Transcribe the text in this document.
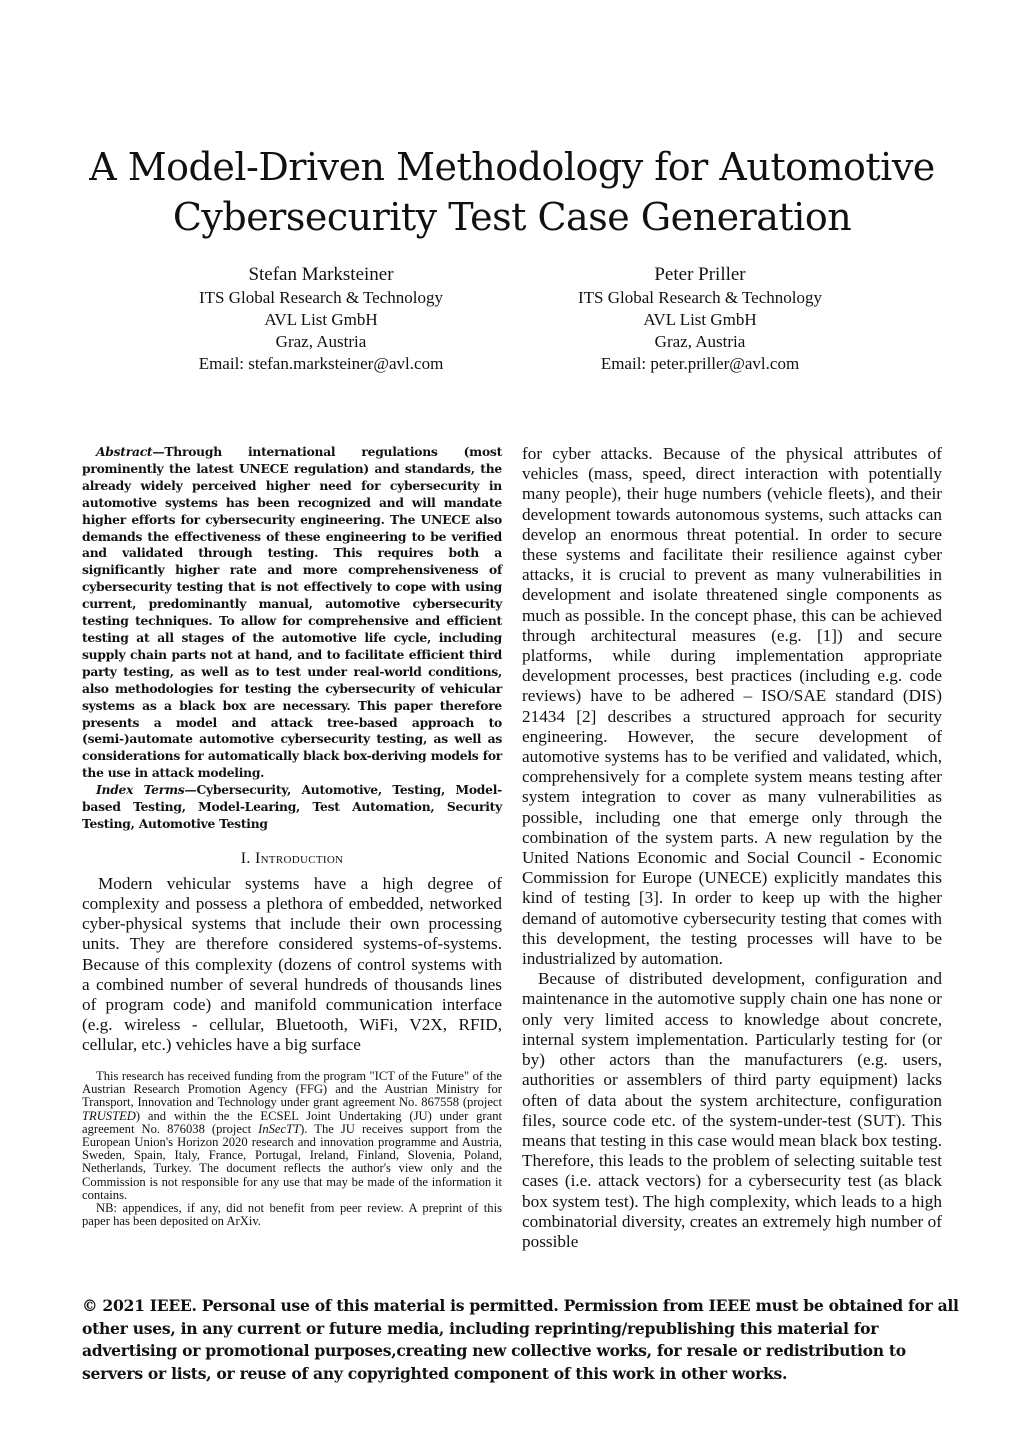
A Model-Driven Methodology for Automotive Cybersecurity Test Case Generation
Stefan Marksteiner
ITS Global Research & Technology
AVL List GmbH
Graz, Austria
Email: stefan.marksteiner@avl.com
Peter Priller
ITS Global Research & Technology
AVL List GmbH
Graz, Austria
Email: peter.priller@avl.com

Abstract—Through international regulations (most prominently the latest UNECE regulation) and standards, the already widely perceived higher need for cybersecurity in automotive systems has been recognized and will mandate higher efforts for cybersecurity engineering. The UNECE also demands the effectiveness of these engineering to be verified and validated through testing. This requires both a significantly higher rate and more comprehensiveness of cybersecurity testing that is not effectively to cope with using current, predominantly manual, automotive cybersecurity testing techniques. To allow for comprehensive and efficient testing at all stages of the automotive life cycle, including supply chain parts not at hand, and to facilitate efficient third party testing, as well as to test under real-world conditions, also methodologies for testing the cybersecurity of vehicular systems as a black box are necessary. This paper therefore presents a model and attack tree-based approach to (semi-)automate automotive cybersecurity testing, as well as considerations for automatically black box-deriving models for the use in attack modeling.

Index Terms—Cybersecurity, Automotive, Testing, Model-based Testing, Model-Learing, Test Automation, Security Testing, Automotive Testing

I. Introduction

Modern vehicular systems have a high degree of complexity and possess a plethora of embedded, networked cyber-physical systems that include their own processing units. They are therefore considered systems-of-systems. Because of this complexity (dozens of control systems with a combined number of several hundreds of thousands lines of program code) and manifold communication interface (e.g. wireless - cellular, Bluetooth, WiFi, V2X, RFID, cellular, etc.) vehicles have a big surface

This research has received funding from the program "ICT of the Future" of the Austrian Research Promotion Agency (FFG) and the Austrian Ministry for Transport, Innovation and Technology under grant agreement No. 867558 (project TRUSTED) and within the the ECSEL Joint Undertaking (JU) under grant agreement No. 876038 (project InSecTT). The JU receives support from the European Union's Horizon 2020 research and innovation programme and Austria, Sweden, Spain, Italy, France, Portugal, Ireland, Finland, Slovenia, Poland, Netherlands, Turkey. The document reflects the author's view only and the Commission is not responsible for any use that may be made of the information it contains.

NB: appendices, if any, did not benefit from peer review. A preprint of this paper has been deposited on ArXiv.

for cyber attacks. Because of the physical attributes of vehicles (mass, speed, direct interaction with potentially many people), their huge numbers (vehicle fleets), and their development towards autonomous systems, such attacks can develop an enormous threat potential. In order to secure these systems and facilitate their resilience against cyber attacks, it is crucial to prevent as many vulnerabilities in development and isolate threatened single components as much as possible. In the concept phase, this can be achieved through architectural measures (e.g. [1]) and secure platforms, while during implementation appropriate development processes, best practices (including e.g. code reviews) have to be adhered – ISO/SAE standard (DIS) 21434 [2] describes a structured approach for security engineering. However, the secure development of automotive systems has to be verified and validated, which, comprehensively for a complete system means testing after system integration to cover as many vulnerabilities as possible, including one that emerge only through the combination of the system parts. A new regulation by the United Nations Economic and Social Council - Economic Commission for Europe (UNECE) explicitly mandates this kind of testing [3]. In order to keep up with the higher demand of automotive cybersecurity testing that comes with this development, the testing processes will have to be industrialized by automation.

Because of distributed development, configuration and maintenance in the automotive supply chain one has none or only very limited access to knowledge about concrete, internal system implementation. Particularly testing for (or by) other actors than the manufacturers (e.g. users, authorities or assemblers of third party equipment) lacks often of data about the system architecture, configuration files, source code etc. of the system-under-test (SUT). This means that testing in this case would mean black box testing. Therefore, this leads to the problem of selecting suitable test cases (i.e. attack vectors) for a cybersecurity test (as black box system test). The high complexity, which leads to a high combinatorial diversity, creates an extremely high number of possible

© 2021 IEEE. Personal use of this material is permitted. Permission from IEEE must be obtained for all other uses, in any current or future media, including reprinting/republishing this material for advertising or promotional purposes,creating new collective works, for resale or redistribution to servers or lists, or reuse of any copyrighted component of this work in other works.
